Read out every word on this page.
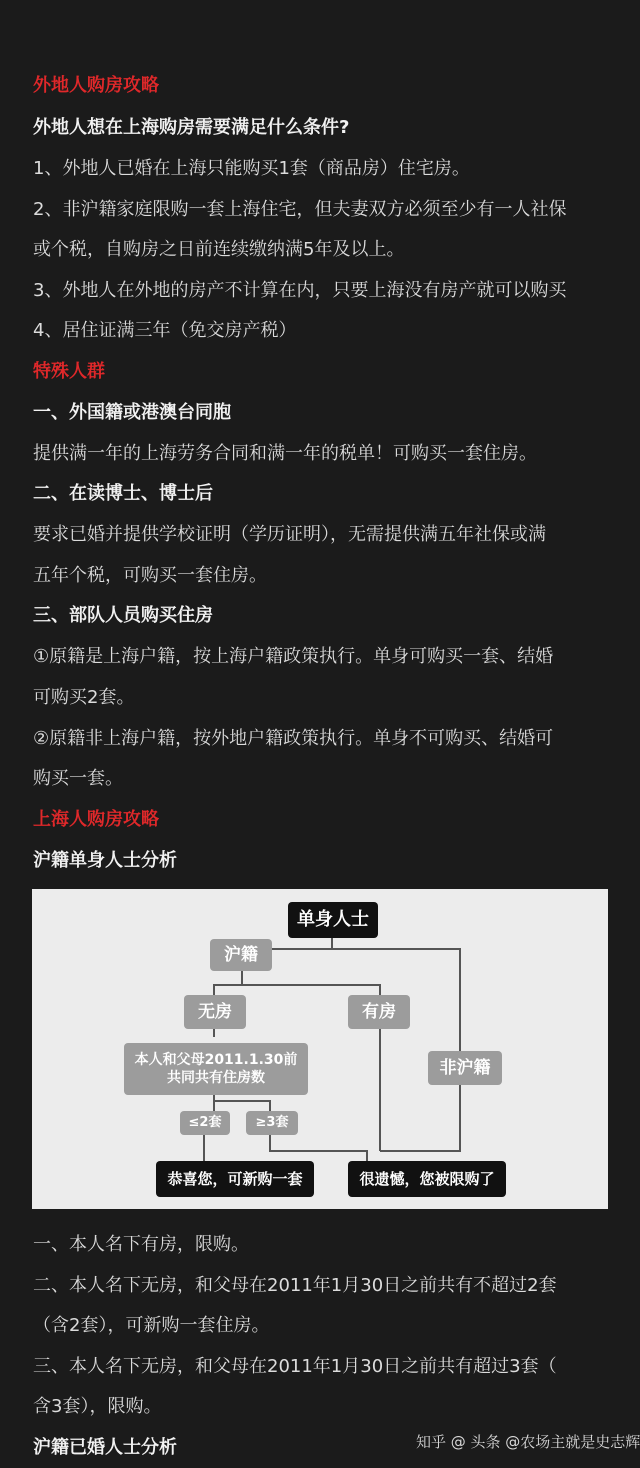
外地人购房攻略
外地人想在上海购房需要满足什么条件?
1、外地人已婚在上海只能购买1套（商品房）住宅房。
2、非沪籍家庭限购一套上海住宅，但夫妻双方必须至少有一人社保
或个税，自购房之日前连续缴纳满5年及以上。
3、外地人在外地的房产不计算在内，只要上海没有房产就可以购买
4、居住证满三年（免交房产税）
特殊人群
一、外国籍或港澳台同胞
提供满一年的上海劳务合同和满一年的税单！可购买一套住房。
二、在读博士、博士后
要求已婚并提供学校证明（学历证明），无需提供满五年社保或满
五年个税，可购买一套住房。
三、部队人员购买住房
①原籍是上海户籍，按上海户籍政策执行。单身可购买一套、结婚
可购买2套。
②原籍非上海户籍，按外地户籍政策执行。单身不可购买、结婚可
购买一套。
上海人购房攻略
沪籍单身人士分析
单身人士
沪籍
无房	有房
非沪籍
本人和父母2011.1.30前
共同共有住房数
≤2套	≥3套
恭喜您，可新购一套	很遗憾，您被限购了
一、本人名下有房，限购。
二、本人名下无房，和父母在2011年1月30日之前共有不超过2套
（含2套），可新购一套住房。
三、本人名下无房，和父母在2011年1月30日之前共有超过3套（
含3套），限购。
沪籍已婚人士分析	知乎 @ 头条 @农场主就是史志辉
